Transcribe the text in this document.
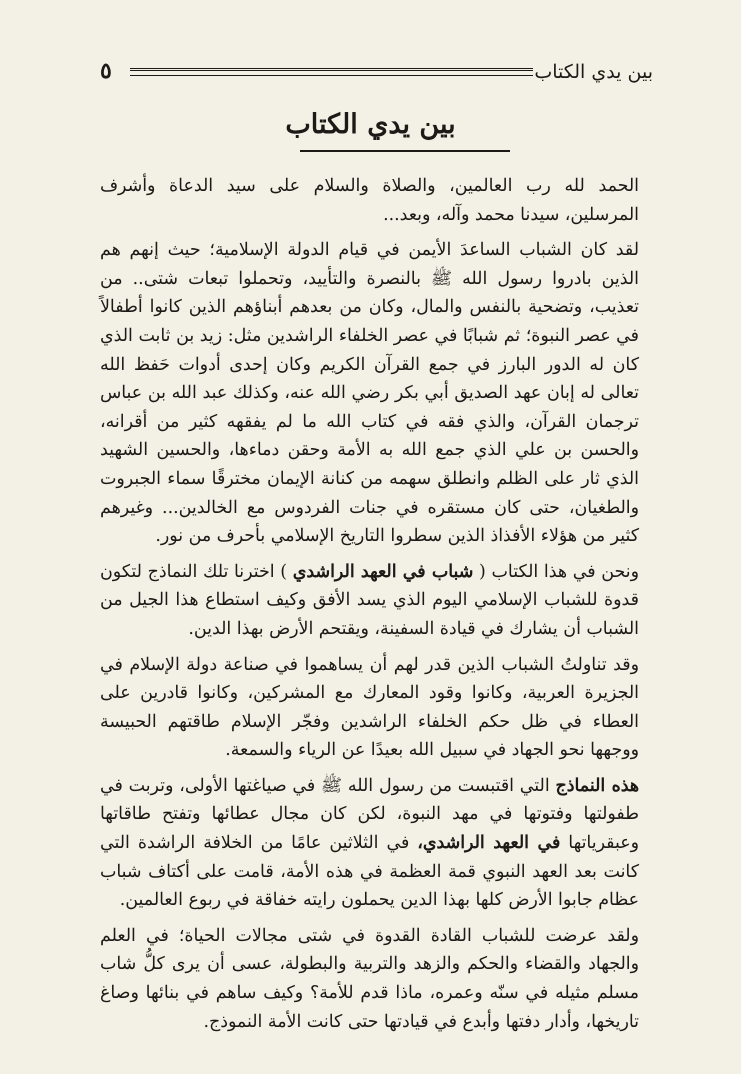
بين يدي الكتاب
٥
بين يدي الكتاب

الحمد لله رب العالمين، والصلاة والسلام على سيد الدعاة وأشرف المرسلين، سيدنا محمد وآله، وبعد...

لقد كان الشباب الساعدَ الأيمن في قيام الدولة الإسلامية؛ حيث إنهم هم الذين بادروا رسول الله ﷺ بالنصرة والتأييد، وتحملوا تبعات شتى.. من تعذيب، وتضحية بالنفس والمال، وكان من بعدهم أبناؤهم الذين كانوا أطفالاً في عصر النبوة؛ ثم شبابًا في عصر الخلفاء الراشدين مثل: زيد بن ثابت الذي كان له الدور البارز في جمع القرآن الكريم وكان إحدى أدوات حَفظ الله تعالى له إبان عهد الصديق أبي بكر رضي الله عنه، وكذلك عبد الله بن عباس ترجمان القرآن، والذي فقه في كتاب الله ما لم يفقهه كثير من أقرانه، والحسن بن علي الذي جمع الله به الأمة وحقن دماءها، والحسين الشهيد الذي ثار على الظلم وانطلق سهمه من كنانة الإيمان مخترقًا سماء الجبروت والطغيان، حتى كان مستقره في جنات الفردوس مع الخالدين... وغيرهم كثير من هؤلاء الأفذاذ الذين سطروا التاريخ الإسلامي بأحرف من نور.

ونحن في هذا الكتاب ( شباب في العهد الراشدي ) اخترنا تلك النماذج لتكون قدوة للشباب الإسلامي اليوم الذي يسد الأفق وكيف استطاع هذا الجيل من الشباب أن يشارك في قيادة السفينة، ويقتحم الأرض بهذا الدين.

وقد تناولتُ الشباب الذين قدر لهم أن يساهموا في صناعة دولة الإسلام في الجزيرة العربية، وكانوا وقود المعارك مع المشركين، وكانوا قادرين على العطاء في ظل حكم الخلفاء الراشدين وفجّر الإسلام طاقتهم الحبيسة ووجهها نحو الجهاد في سبيل الله بعيدًا عن الرياء والسمعة.

هذه النماذج التي اقتبست من رسول الله ﷺ في صياغتها الأولى، وتربت في طفولتها وفتوتها في مهد النبوة، لكن كان مجال عطائها وتفتح طاقاتها وعبقرياتها في العهد الراشدي، في الثلاثين عامًا من الخلافة الراشدة التي كانت بعد العهد النبوي قمة العظمة في هذه الأمة، قامت على أكتاف شباب عظام جابوا الأرض كلها بهذا الدين يحملون رايته خفاقة في ربوع العالمين.

ولقد عرضت للشباب القادة القدوة في شتى مجالات الحياة؛ في العلم والجهاد والقضاء والحكم والزهد والتربية والبطولة، عسى أن يرى كلُّ شاب مسلم مثيله في سنّه وعمره، ماذا قدم للأمة؟ وكيف ساهم في بنائها وصاغ تاريخها، وأدار دفتها وأبدع في قيادتها حتى كانت الأمة النموذج.
